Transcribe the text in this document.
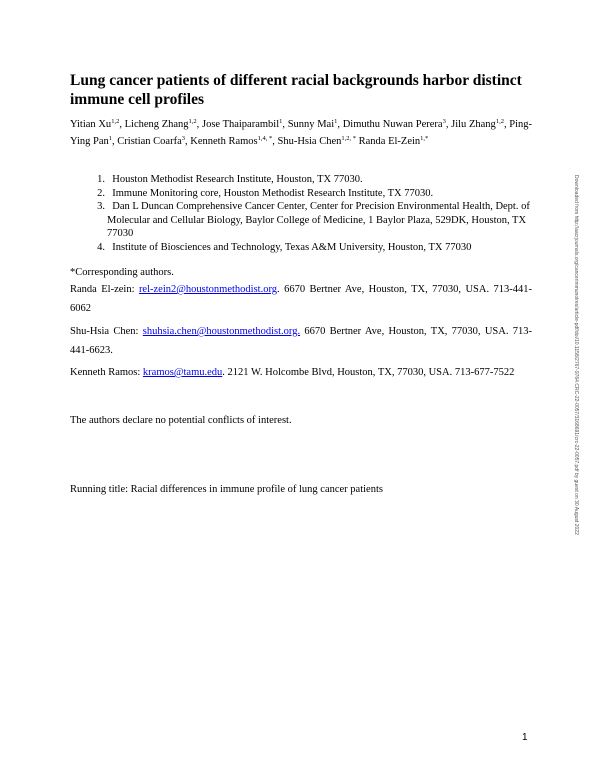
Lung cancer patients of different racial backgrounds harbor distinct immune cell profiles

Yitian Xu$^{1,2}$, Licheng Zhang$^{1,2}$, Jose Thaiparambil$^1$, Sunny Mai$^1$, Dimuthu Nuwan Perera$^3$, Jilu Zhang$^{1,2}$, Ping-Ying Pan$^1$, Cristian Coarfa$^3$, Kenneth Ramos$^{1,4, *}$, Shu-Hsia Chen$^{1,2, *}$ Randa El-Zein$^{1,*}$

1. Houston Methodist Research Institute, Houston, TX 77030.
2. Immune Monitoring core, Houston Methodist Research Institute, TX 77030.
3. Dan L Duncan Comprehensive Cancer Center, Center for Precision Environmental Health, Dept. of Molecular and Cellular Biology, Baylor College of Medicine, 1 Baylor Plaza, 529DK, Houston, TX 77030
4. Institute of Biosciences and Technology, Texas A&M University, Houston, TX 77030

*Corresponding authors.

Randa El-zein: rel-zein2@houstonmethodist.org. 6670 Bertner Ave, Houston, TX, 77030, USA. 713-441-6062

Shu-Hsia Chen: shuhsia.chen@houstonmethodist.org. 6670 Bertner Ave, Houston, TX, 77030, USA. 713-441-6623.

Kenneth Ramos: kramos@tamu.edu. 2121 W. Holcombe Blvd, Houston, TX, 77030, USA. 713-677-7522

The authors declare no potential conflicts of interest.

Running title: Racial differences in immune profile of lung cancer patients	Downloaded from http://aacrjournals.org/cancerimmunolres/article-pdf/doi/10.1158/2767-9764.CRC-22-0057/3168691/crc-22-0057.pdf by guest on 30 August 2022
1
